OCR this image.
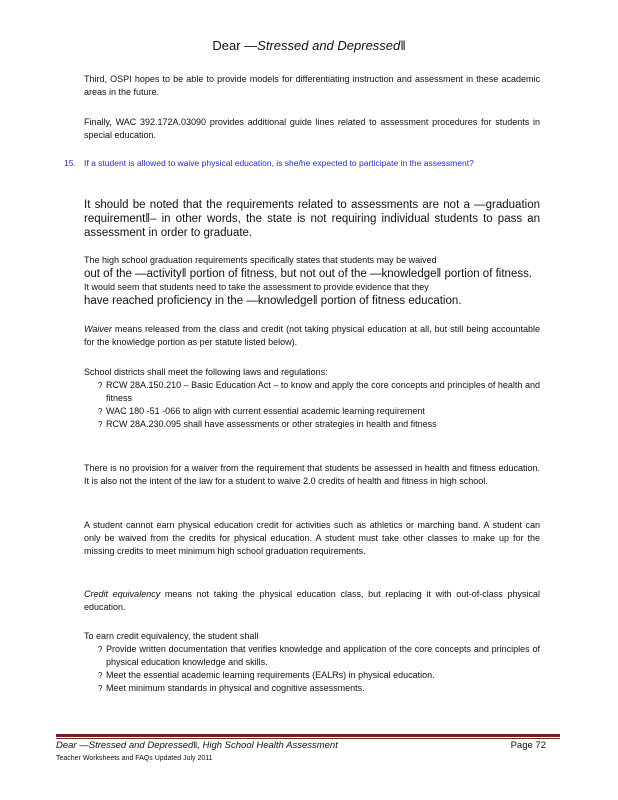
Dear —Stressed and Depressed‖
Third, OSPI hopes to be able to provide models for differentiating instruction and assessment in these academic areas in the future.
Finally, WAC 392.172A.03090 provides additional guide lines related to assessment procedures for students in special education.
15. If a student is allowed to waive physical education, is she/he expected to participate in the assessment?
It should be noted that the requirements related to assessments are not a —graduation requirement‖– in other words, the state is not requiring individual students to pass an assessment in order to graduate.
The high school graduation requirements specifically states that students may be waived
out of the —activity‖ portion of fitness, but not out of the —knowledge‖ portion of fitness.
It would seem that students need to take the assessment to provide evidence that they
have reached proficiency in the —knowledge‖ portion of fitness education.
Waiver means released from the class and credit (not taking physical education at all, but still being accountable for the knowledge portion as per statute listed below).
School districts shall meet the following laws and regulations:
? RCW 28A.150.210 – Basic Education Act – to know and apply the core concepts and principles of health and fitness
? WAC 180 -51 -066 to align with current essential academic learning requirement
? RCW 28A.230.095 shall have assessments or other strategies in health and fitness
There is no provision for a waiver from the requirement that students be assessed in health and fitness education. It is also not the intent of the law for a student to waive 2.0 credits of health and fitness in high school.
A student cannot earn physical education credit for activities such as athletics or marching band. A student can only be waived from the credits for physical education. A student must take other classes to make up for the missing credits to meet minimum high school graduation requirements.
Credit equivalency means not taking the physical education class, but replacing it with out-of-class physical education.
To earn credit equivalency, the student shall
? Provide written documentation that verifies knowledge and application of the core concepts and principles of physical education knowledge and skills.
? Meet the essential academic learning requirements (EALRs) in physical education.
? Meet minimum standards in physical and cognitive assessments.
Dear —Stressed and Depressed‖, High School Health Assessment	Page 72
Teacher Worksheets and FAQs Updated July 2011
